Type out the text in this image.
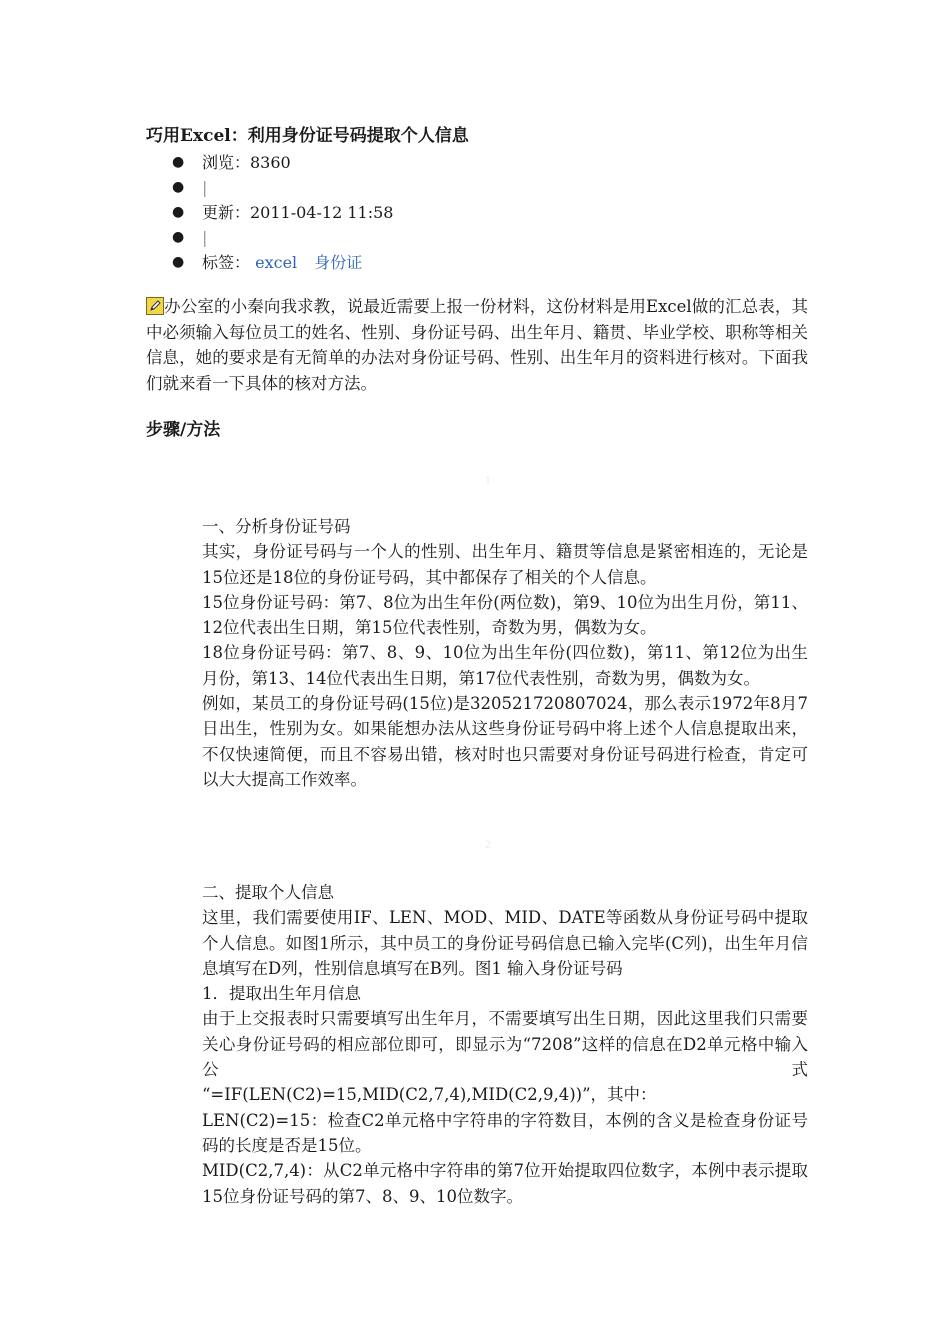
巧用Excel：利用身份证号码提取个人信息
● 浏览：8360
● |
● 更新：2011-04-12 11:58
● |
● 标签： excel 身份证
办公室的小秦向我求教，说最近需要上报一份材料，这份材料是用Excel做的汇总表，其中必须输入每位员工的姓名、性别、身份证号码、出生年月、籍贯、毕业学校、职称等相关信息，她的要求是有无简单的办法对身份证号码、性别、出生年月的资料进行核对。下面我们就来看一下具体的核对方法。
步骤/方法
1

一、分析身份证号码

其实，身份证号码与一个人的性别、出生年月、籍贯等信息是紧密相连的，无论是15位还是18位的身份证号码，其中都保存了相关的个人信息。

15位身份证号码：第7、8位为出生年份(两位数)，第9、10位为出生月份，第11、12位代表出生日期，第15位代表性别，奇数为男，偶数为女。

18位身份证号码：第7、8、9、10位为出生年份(四位数)，第11、第12位为出生月份，第13、14位代表出生日期，第17位代表性别，奇数为男，偶数为女。

例如，某员工的身份证号码(15位)是320521720807024，那么表示1972年8月7日出生，性别为女。如果能想办法从这些身份证号码中将上述个人信息提取出来，不仅快速简便，而且不容易出错，核对时也只需要对身份证号码进行检查，肯定可以大大提高工作效率。

2

二、提取个人信息

这里，我们需要使用IF、LEN、MOD、MID、DATE等函数从身份证号码中提取个人信息。如图1所示，其中员工的身份证号码信息已输入完毕(C列)，出生年月信息填写在D列，性别信息填写在B列。图1 输入身份证号码

1．提取出生年月信息

由于上交报表时只需要填写出生年月，不需要填写出生日期，因此这里我们只需要关心身份证号码的相应部位即可，即显示为“7208”这样的信息在D2单元格中输入公式

“=IF(LEN(C2)=15,MID(C2,7,4),MID(C2,9,4))”，其中：

LEN(C2)=15：检查C2单元格中字符串的字符数目，本例的含义是检查身份证号码的长度是否是15位。

MID(C2,7,4)：从C2单元格中字符串的第7位开始提取四位数字，本例中表示提取15位身份证号码的第7、8、9、10位数字。
